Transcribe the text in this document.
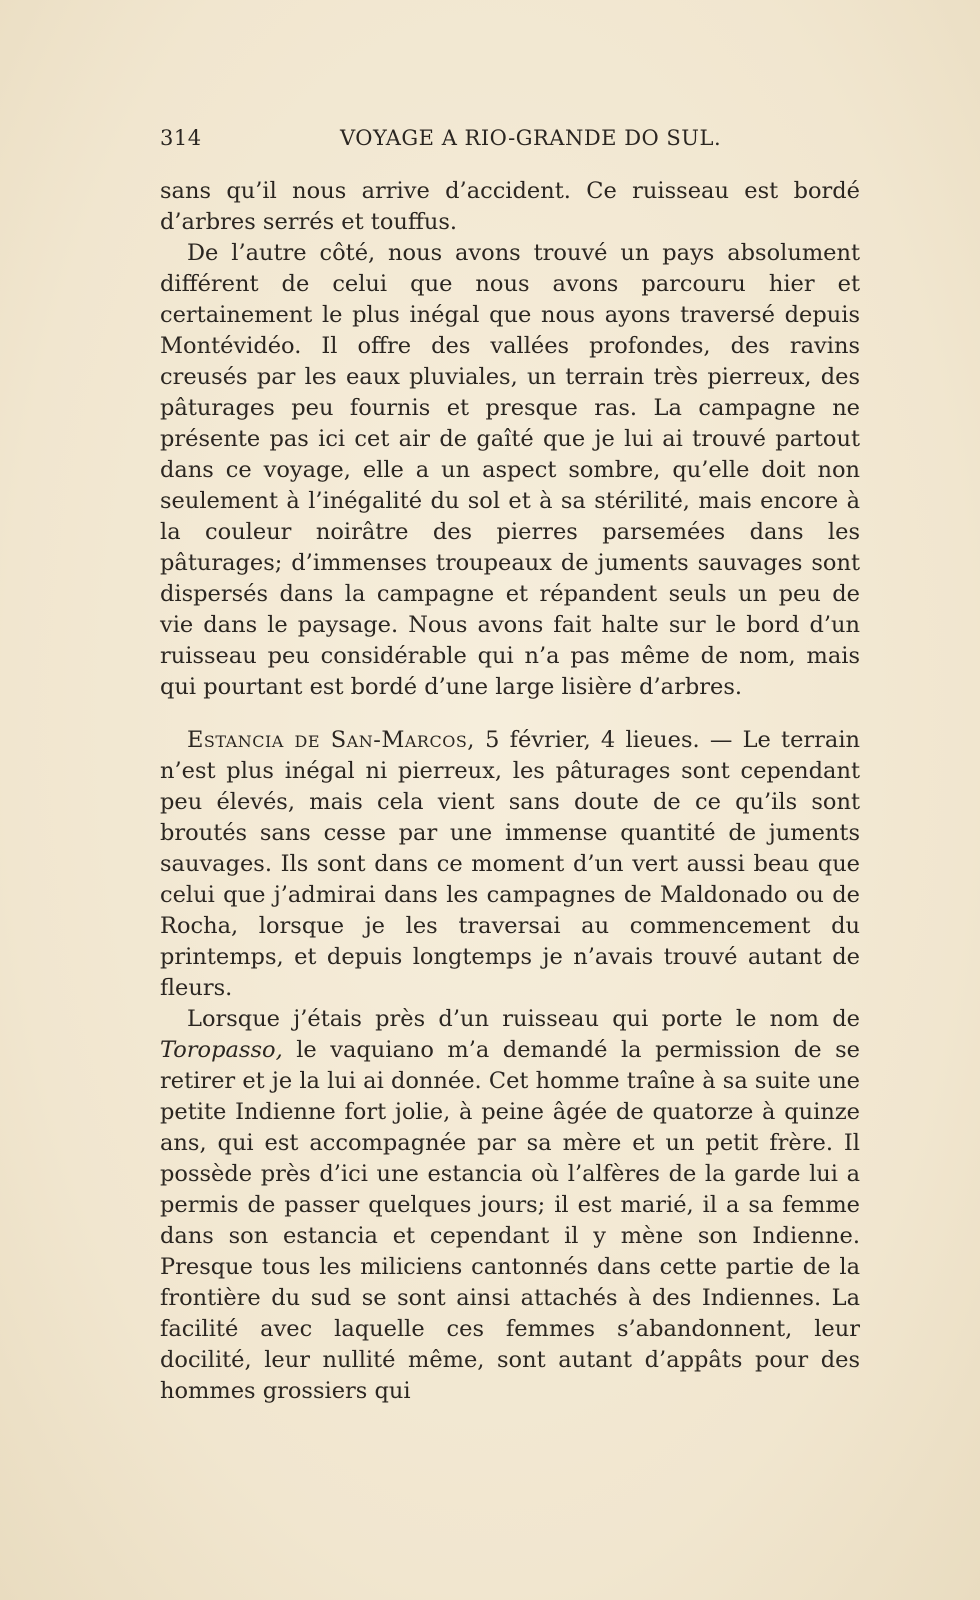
314	VOYAGE A RIO-GRANDE DO SUL.

sans qu’il nous arrive d’accident. Ce ruisseau est bordé d’arbres serrés et touffus.

De l’autre côté, nous avons trouvé un pays absolument différent de celui que nous avons parcouru hier et certainement le plus inégal que nous ayons traversé depuis Montévidéo. Il offre des vallées profondes, des ravins creusés par les eaux pluviales, un terrain très pierreux, des pâturages peu fournis et presque ras. La campagne ne présente pas ici cet air de gaîté que je lui ai trouvé partout dans ce voyage, elle a un aspect sombre, qu’elle doit non seulement à l’inégalité du sol et à sa stérilité, mais encore à la couleur noirâtre des pierres parsemées dans les pâturages; d’immenses troupeaux de juments sauvages sont dispersés dans la campagne et répandent seuls un peu de vie dans le paysage. Nous avons fait halte sur le bord d’un ruisseau peu considérable qui n’a pas même de nom, mais qui pourtant est bordé d’une large lisière d’arbres.

Estancia de San-Marcos, 5 février, 4 lieues. — Le terrain n’est plus inégal ni pierreux, les pâturages sont cependant peu élevés, mais cela vient sans doute de ce qu’ils sont broutés sans cesse par une immense quantité de juments sauvages. Ils sont dans ce moment d’un vert aussi beau que celui que j’admirai dans les campagnes de Maldonado ou de Rocha, lorsque je les traversai au commencement du printemps, et depuis longtemps je n’avais trouvé autant de fleurs.

Lorsque j’étais près d’un ruisseau qui porte le nom de Toropasso, le vaquiano m’a demandé la permission de se retirer et je la lui ai donnée. Cet homme traîne à sa suite une petite Indienne fort jolie, à peine âgée de quatorze à quinze ans, qui est accompagnée par sa mère et un petit frère. Il possède près d’ici une estancia où l’alfères de la garde lui a permis de passer quelques jours; il est marié, il a sa femme dans son estancia et cependant il y mène son Indienne. Presque tous les miliciens cantonnés dans cette partie de la frontière du sud se sont ainsi attachés à des Indiennes. La facilité avec laquelle ces femmes s’abandonnent, leur docilité, leur nullité même, sont autant d’appâts pour des hommes grossiers qui
